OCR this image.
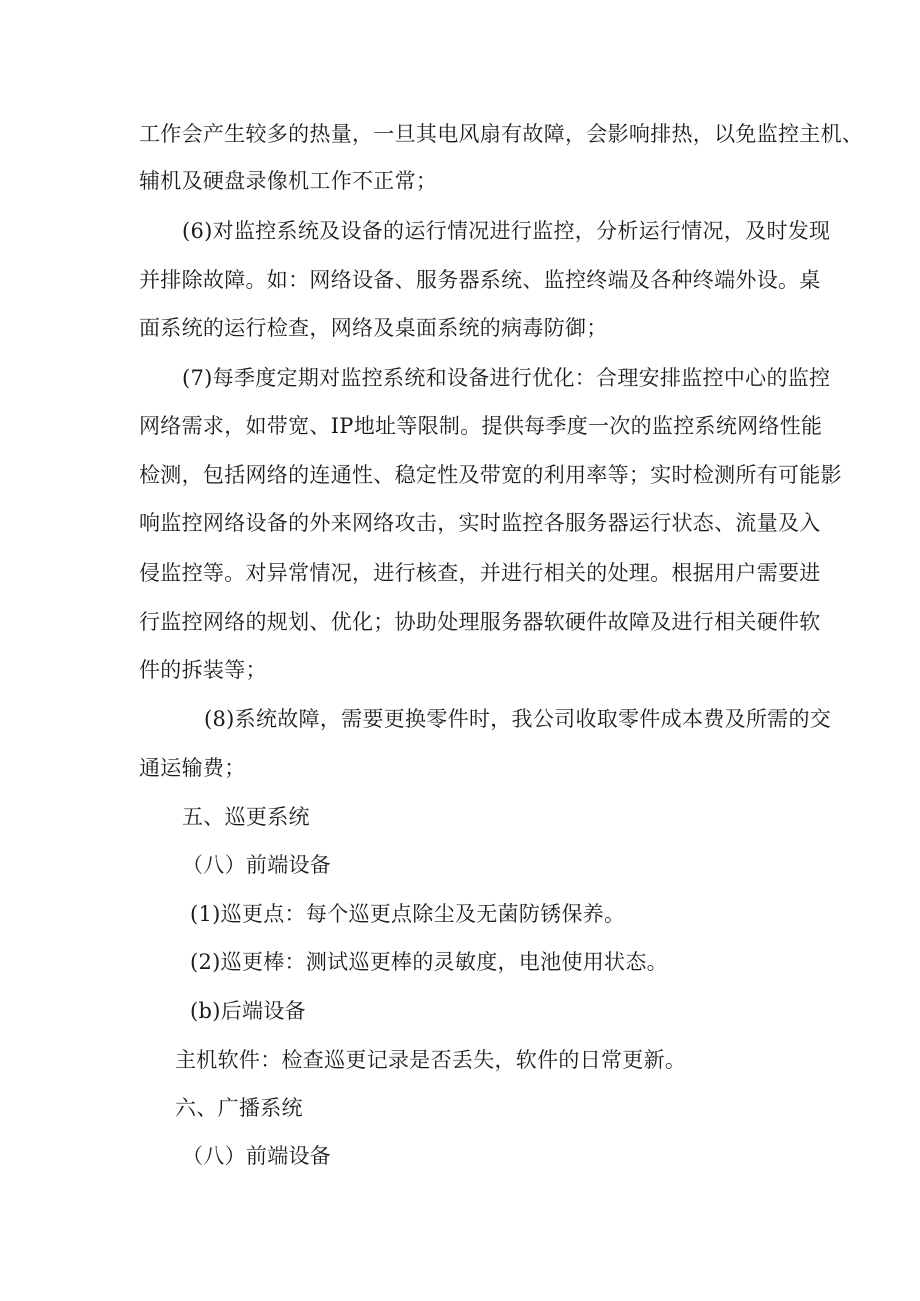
工作会产生较多的热量，一旦其电风扇有故障，会影响排热，以免监控主机、
辅机及硬盘录像机工作不正常；
(6)对监控系统及设备的运行情况进行监控，分析运行情况，及时发现
并排除故障。如：网络设备、服务器系统、监控终端及各种终端外设。桌
面系统的运行检查，网络及桌面系统的病毒防御；
(7)每季度定期对监控系统和设备进行优化：合理安排监控中心的监控
网络需求，如带宽、IP地址等限制。提供每季度一次的监控系统网络性能
检测，包括网络的连通性、稳定性及带宽的利用率等；实时检测所有可能影
响监控网络设备的外来网络攻击，实时监控各服务器运行状态、流量及入
侵监控等。对异常情况，进行核查，并进行相关的处理。根据用户需要进
行监控网络的规划、优化；协助处理服务器软硬件故障及进行相关硬件软
件的拆装等；
(8)系统故障，需要更换零件时，我公司收取零件成本费及所需的交
通运输费；
五、巡更系统
（八）前端设备
(1)巡更点：每个巡更点除尘及无菌防锈保养。
(2)巡更棒：测试巡更棒的灵敏度，电池使用状态。
(b)后端设备
主机软件：检查巡更记录是否丢失，软件的日常更新。
六、广播系统
（八）前端设备
